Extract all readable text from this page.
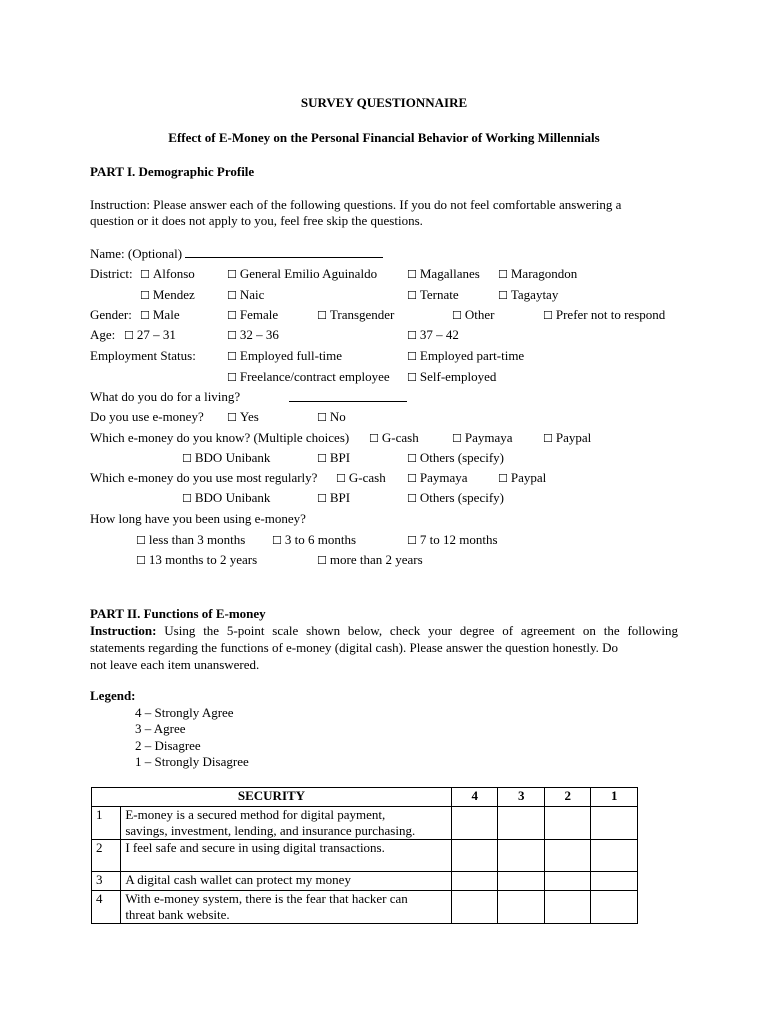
SURVEY QUESTIONNAIRE
Effect of E-Money on the Personal Financial Behavior of Working Millennials
PART I. Demographic Profile
Instruction: Please answer each of the following questions. If you do not feel comfortable answering a
question or it does not apply to you, feel free skip the questions.
Name: (Optional)
District: ☐ Alfonso	☐ General Emilio Aguinaldo	☐ Magallanes ☐ Maragondon
☐ Mendez	☐ Naic	☐ Ternate	☐ Tagaytay
Gender: ☐ Male	☐ Female	☐ Transgender	☐ Other	☐ Prefer not to respond
Age: ☐ 27 – 31	☐ 32 – 36	☐ 37 – 42
Employment Status:	☐ Employed full-time	☐ Employed part-time
☐ Freelance/contract employee ☐ Self-employed
What do you do for a living?
Do you use e-money? ☐ Yes	☐ No
Which e-money do you know? (Multiple choices) ☐ G-cash	☐ Paymaya	☐ Paypal
☐ BDO Unibank	☐ BPI	☐ Others (specify)
Which e-money do you use most regularly? ☐ G-cash ☐ Paymaya	☐ Paypal
☐ BDO Unibank	☐ BPI	☐ Others (specify)
How long have you been using e-money?
☐ less than 3 months ☐ 3 to 6 months	☐ 7 to 12 months
☐ 13 months to 2 years	☐ more than 2 years
PART II. Functions of E-money
Instruction: Using the 5-point scale shown below, check your degree of agreement on the following
statements regarding the functions of e-money (digital cash). Please answer the question honestly. Do
not leave each item unanswered.
Legend:
4 – Strongly Agree
3 – Agree
2 – Disagree
1 – Strongly Disagree
SECURITY		4	3	2	1
1	E-money is a secured method for digital payment,
savings, investment, lending, and insurance purchasing.				

2	I feel safe and secure in using digital transactions.				

3	A digital cash wallet can protect my money				

4	With e-money system, there is the fear that hacker can
threat bank website.				
